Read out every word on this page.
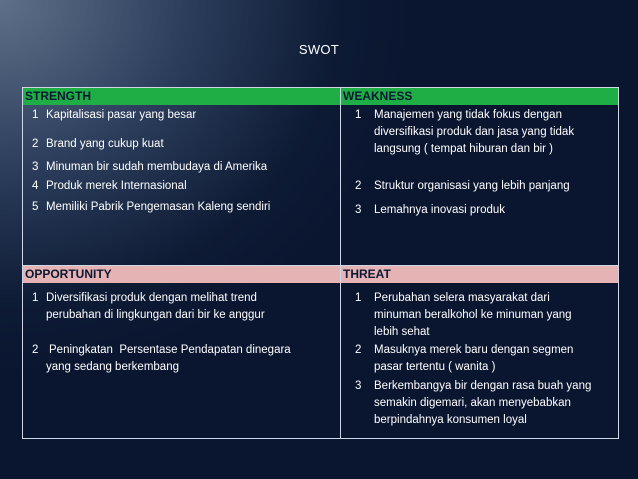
SWOT
STRENGTH	WEAKNESS
OPPORTUNITY	THREAT
1 Kapitalisasi pasar yang besar
2 Brand yang cukup kuat
3 Minuman bir sudah membudaya di Amerika
4 Produk merek Internasional
5 Memiliki Pabrik Pengemasan Kaleng sendiri
1 Manajemen yang tidak fokus dengan
diversifikasi produk dan jasa yang tidak
langsung ( tempat hiburan dan bir )
2 Struktur organisasi yang lebih panjang
3 Lemahnya inovasi produk
1 Diversifikasi produk dengan melihat trend
perubahan di lingkungan dari bir ke anggur
2 Peningkatan  Persentase Pendapatan dinegara
yang sedang berkembang
1 Perubahan selera masyarakat dari
minuman beralkohol ke minuman yang
lebih sehat
2 Masuknya merek baru dengan segmen
pasar tertentu ( wanita )
3 Berkembangya bir dengan rasa buah yang
semakin digemari, akan menyebabkan
berpindahnya konsumen loyal
